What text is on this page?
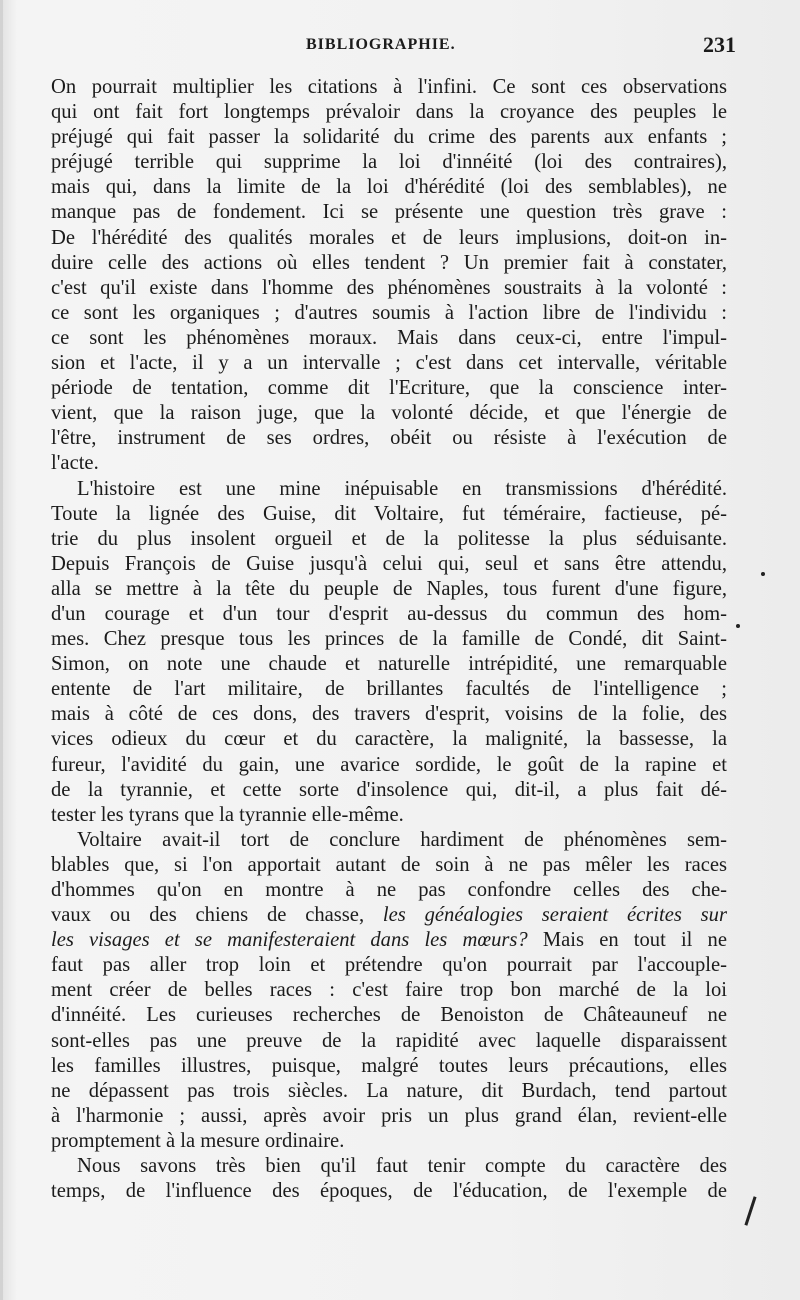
BIBLIOGRAPHIE.	231

On pourrait multiplier les citations à l'infini. Ce sont ces observations
qui ont fait fort longtemps prévaloir dans la croyance des peuples le
préjugé qui fait passer la solidarité du crime des parents aux enfants ;
préjugé terrible qui supprime la loi d'innéité (loi des contraires),
mais qui, dans la limite de la loi d'hérédité (loi des semblables), ne
manque pas de fondement. Ici se présente une question très grave :
De l'hérédité des qualités morales et de leurs implusions, doit-on in-
duire celle des actions où elles tendent ? Un premier fait à constater,
c'est qu'il existe dans l'homme des phénomènes soustraits à la volonté :
ce sont les organiques ; d'autres soumis à l'action libre de l'individu :
ce sont les phénomènes moraux. Mais dans ceux-ci, entre l'impul-
sion et l'acte, il y a un intervalle ; c'est dans cet intervalle, véritable
période de tentation, comme dit l'Ecriture, que la conscience inter-
vient, que la raison juge, que la volonté décide, et que l'énergie de
l'être, instrument de ses ordres, obéit ou résiste à l'exécution de
l'acte.

L'histoire est une mine inépuisable en transmissions d'hérédité.
Toute la lignée des Guise, dit Voltaire, fut téméraire, factieuse, pé-
trie du plus insolent orgueil et de la politesse la plus séduisante.
Depuis François de Guise jusqu'à celui qui, seul et sans être attendu,
alla se mettre à la tête du peuple de Naples, tous furent d'une figure,
d'un courage et d'un tour d'esprit au-dessus du commun des hom-
mes. Chez presque tous les princes de la famille de Condé, dit Saint-
Simon, on note une chaude et naturelle intrépidité, une remarquable
entente de l'art militaire, de brillantes facultés de l'intelligence ;
mais à côté de ces dons, des travers d'esprit, voisins de la folie, des
vices odieux du cœur et du caractère, la malignité, la bassesse, la
fureur, l'avidité du gain, une avarice sordide, le goût de la rapine et
de la tyrannie, et cette sorte d'insolence qui, dit-il, a plus fait dé-
tester les tyrans que la tyrannie elle-même.

Voltaire avait-il tort de conclure hardiment de phénomènes sem-
blables que, si l'on apportait autant de soin à ne pas mêler les races
d'hommes qu'on en montre à ne pas confondre celles des che-
vaux ou des chiens de chasse, les généalogies seraient écrites sur
les visages et se manifesteraient dans les mœurs? Mais en tout il ne
faut pas aller trop loin et prétendre qu'on pourrait par l'accouple-
ment créer de belles races : c'est faire trop bon marché de la loi
d'innéité. Les curieuses recherches de Benoiston de Châteauneuf ne
sont-elles pas une preuve de la rapidité avec laquelle disparaissent
les familles illustres, puisque, malgré toutes leurs précautions, elles
ne dépassent pas trois siècles. La nature, dit Burdach, tend partout
à l'harmonie ; aussi, après avoir pris un plus grand élan, revient-elle
promptement à la mesure ordinaire.

Nous savons très bien qu'il faut tenir compte du caractère des
temps, de l'influence des époques, de l'éducation, de l'exemple de
